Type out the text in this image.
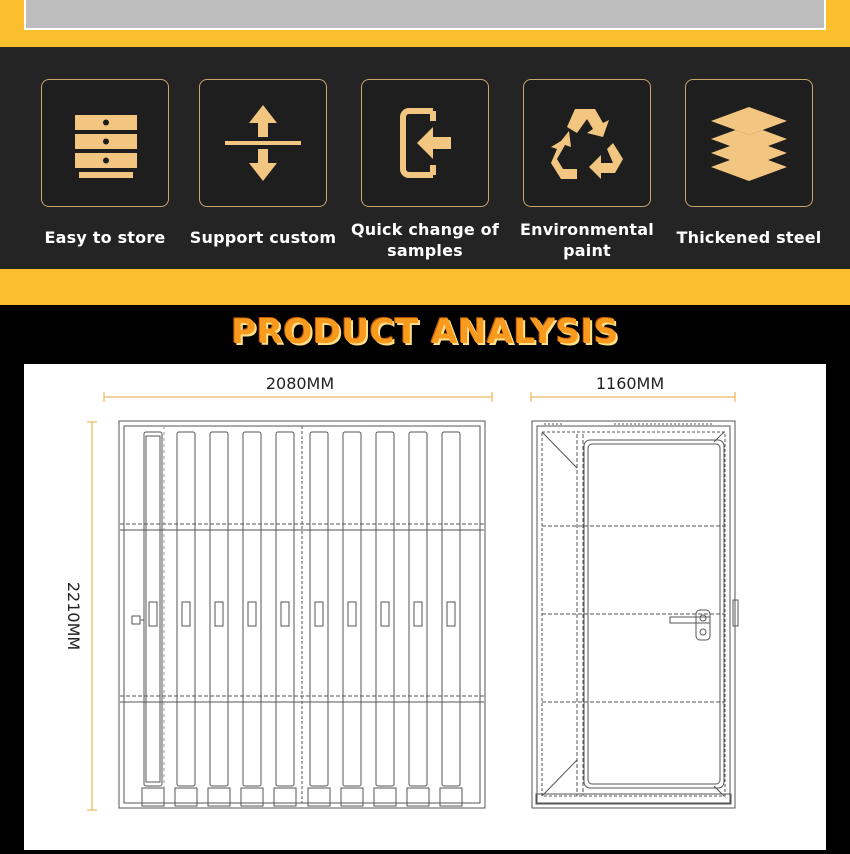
Easy to store	Support custom Quick change of samples
Environmental paint
Thickened steel
PRODUCT ANALYSIS
2080MM	1160MM
2210MM
